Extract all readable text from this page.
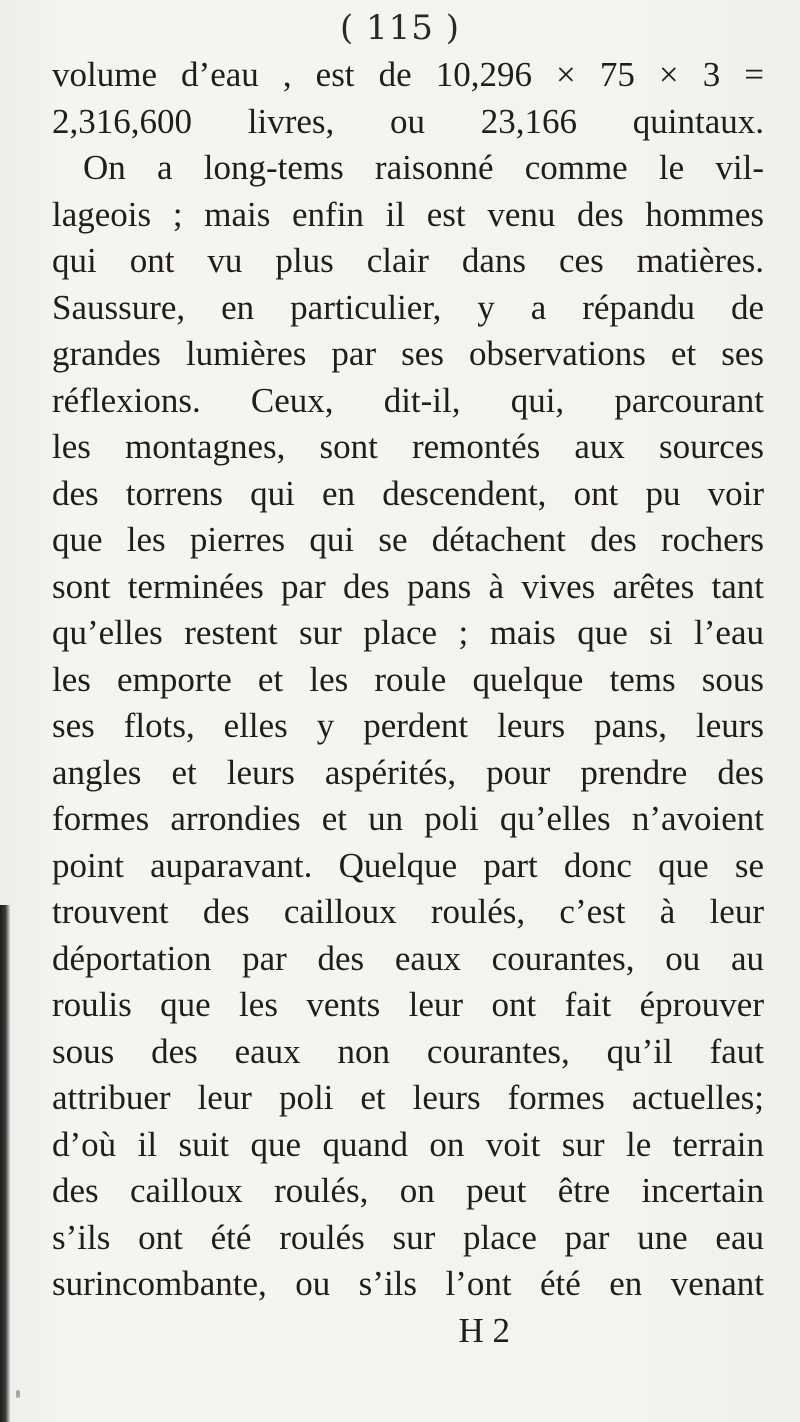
( 115 )
volume d’eau , est de 10,296 × 75 × 3 =
2,316,600 livres, ou 23,166 quintaux.
On a long-tems raisonné comme le vil-
lageois ; mais enfin il est venu des hommes
qui ont vu plus clair dans ces matières.
Saussure, en particulier, y a répandu de
grandes lumières par ses observations et ses
réflexions. Ceux, dit-il, qui, parcourant
les montagnes, sont remontés aux sources
des torrens qui en descendent, ont pu voir
que les pierres qui se détachent des rochers
sont terminées par des pans à vives arêtes tant
qu’elles restent sur place ; mais que si l’eau
les emporte et les roule quelque tems sous
ses flots, elles y perdent leurs pans, leurs
angles et leurs aspérités, pour prendre des
formes arrondies et un poli qu’elles n’avoient
point auparavant. Quelque part donc que se
trouvent des cailloux roulés, c’est à leur
déportation par des eaux courantes, ou au
roulis que les vents leur ont fait éprouver
sous des eaux non courantes, qu’il faut
attribuer leur poli et leurs formes actuelles;
d’où il suit que quand on voit sur le terrain
des cailloux roulés, on peut être incertain
s’ils ont été roulés sur place par une eau
surincombante, ou s’ils l’ont été en venant
H 2
